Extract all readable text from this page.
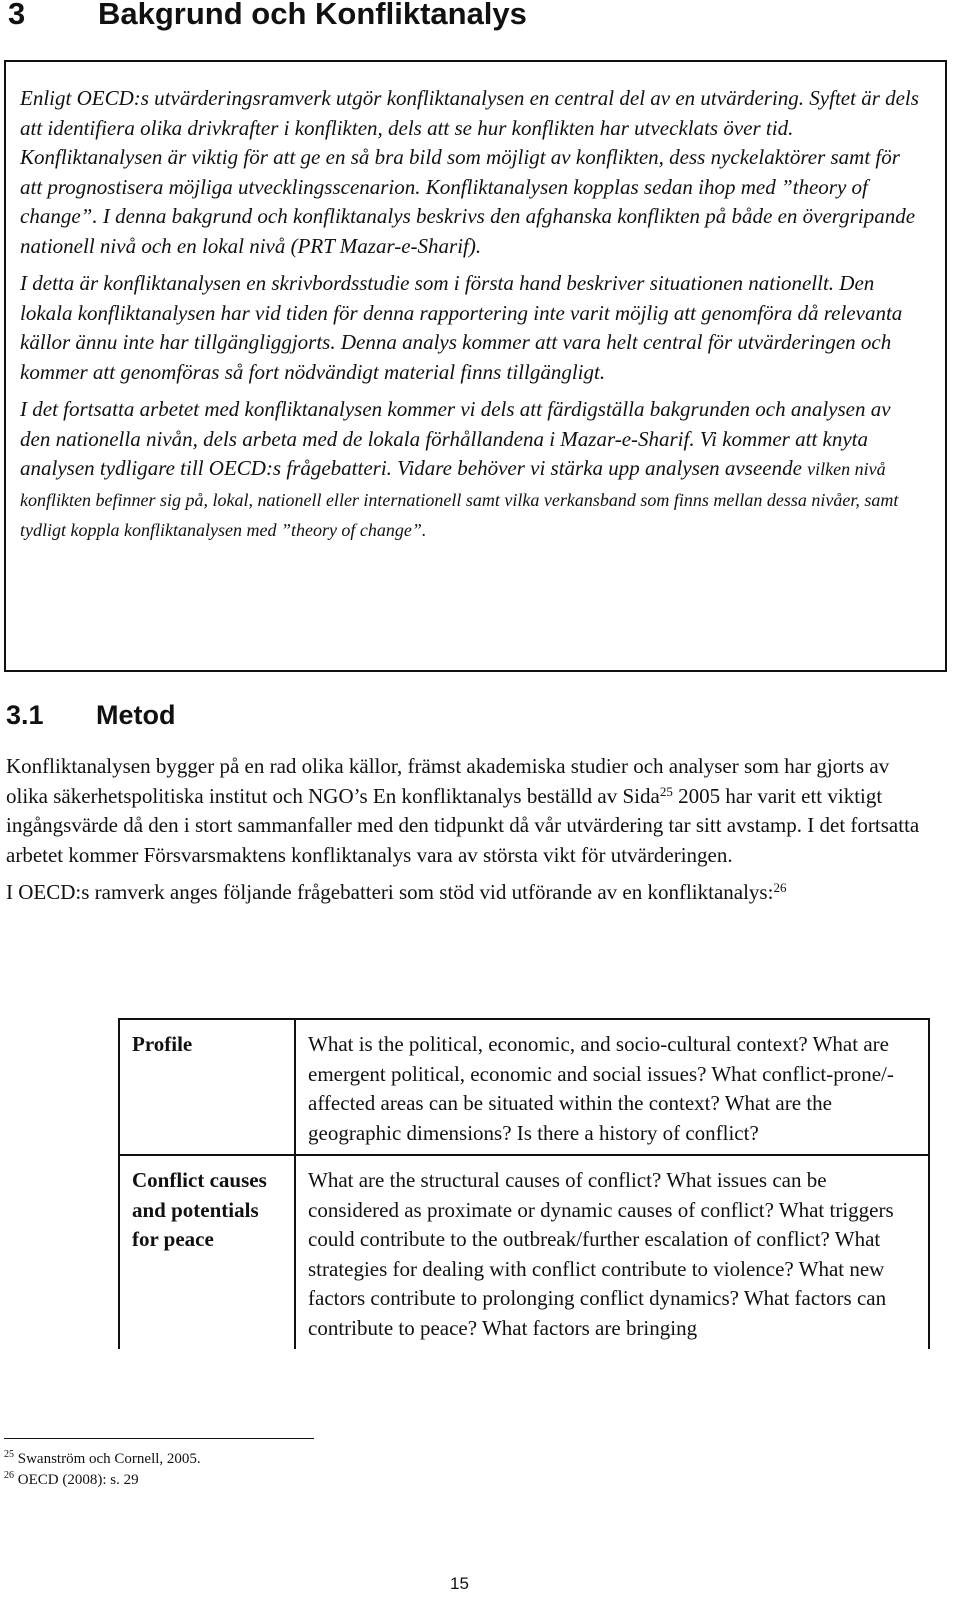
3 Bakgrund och Konfliktanalys

Enligt OECD:s utvärderingsramverk utgör konfliktanalysen en central del av en utvärdering. Syftet är dels att identifiera olika drivkrafter i konflikten, dels att se hur konflikten har utvecklats över tid. Konfliktanalysen är viktig för att ge en så bra bild som möjligt av konflikten, dess nyckelaktörer samt för att prognostisera möjliga utvecklingsscenarion. Konfliktanalysen kopplas sedan ihop med ”theory of change”. I denna bakgrund och konfliktanalys beskrivs den afghanska konflikten på både en övergripande nationell nivå och en lokal nivå (PRT Mazar-e-Sharif).

I detta är konfliktanalysen en skrivbordsstudie som i första hand beskriver situationen nationellt. Den lokala konfliktanalysen har vid tiden för denna rapportering inte varit möjlig att genomföra då relevanta källor ännu inte har tillgängliggjorts. Denna analys kommer att vara helt central för utvärderingen och kommer att genomföras så fort nödvändigt material finns tillgängligt.

I det fortsatta arbetet med konfliktanalysen kommer vi dels att färdigställa bakgrunden och analysen av den nationella nivån, dels arbeta med de lokala förhållandena i Mazar-e-Sharif. Vi kommer att knyta analysen tydligare till OECD:s frågebatteri. Vidare behöver vi stärka upp analysen avseende vilken nivå konflikten befinner sig på, lokal, nationell eller internationell samt vilka verkansband som finns mellan dessa nivåer, samt tydligt koppla konfliktanalysen med ”theory of change”.

3.1 Metod

Konfliktanalysen bygger på en rad olika källor, främst akademiska studier och analyser som har gjorts av olika säkerhetspolitiska institut och NGO’s En konfliktanalys beställd av Sida$^{25}$ 2005 har varit ett viktigt ingångsvärde då den i stort sammanfaller med den tidpunkt då vår utvärdering tar sitt avstamp. I det fortsatta arbetet kommer Försvarsmaktens konfliktanalys vara av största vikt för utvärderingen.

I OECD:s ramverk anges följande frågebatteri som stöd vid utförande av en konfliktanalys:$^{26}$

Profile	What is the political, economic, and socio-cultural context? What are emergent political, economic and social issues? What conflict-prone/-affected areas can be situated within the context? What are the geographic dimensions? Is there a history of conflict?
Conflict causes and potentials for peace	What are the structural causes of conflict? What issues can be considered as proximate or dynamic causes of conflict? What triggers could contribute to the outbreak/further escalation of conflict? What strategies for dealing with conflict contribute to violence? What new factors contribute to prolonging conflict dynamics? What factors can contribute to peace? What factors are bringing
$^{25}$ Swanström och Cornell, 2005.
$^{26}$ OECD (2008): s. 29
15
